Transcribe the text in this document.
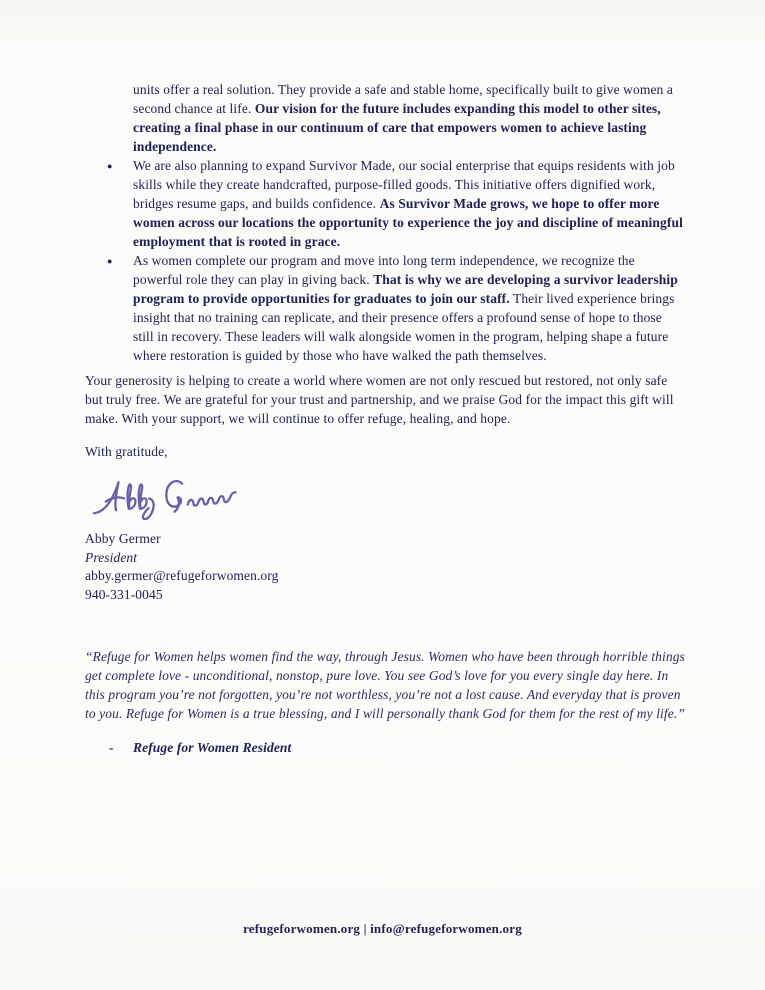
units offer a real solution. They provide a safe and stable home, specifically built to give women a second chance at life. Our vision for the future includes expanding this model to other sites, creating a final phase in our continuum of care that empowers women to achieve lasting independence.

● We are also planning to expand Survivor Made, our social enterprise that equips residents with job skills while they create handcrafted, purpose-filled goods. This initiative offers dignified work, bridges resume gaps, and builds confidence. As Survivor Made grows, we hope to offer more women across our locations the opportunity to experience the joy and discipline of meaningful employment that is rooted in grace.
● As women complete our program and move into long term independence, we recognize the powerful role they can play in giving back. That is why we are developing a survivor leadership program to provide opportunities for graduates to join our staff. Their lived experience brings insight that no training can replicate, and their presence offers a profound sense of hope to those still in recovery. These leaders will walk alongside women in the program, helping shape a future where restoration is guided by those who have walked the path themselves.

Your generosity is helping to create a world where women are not only rescued but restored, not only safe but truly free. We are grateful for your trust and partnership, and we praise God for the impact this gift will make. With your support, we will continue to offer refuge, healing, and hope.

With gratitude,

Abby Germer
President
abby.germer@refugeforwomen.org
940-331-0045

“Refuge for Women helps women find the way, through Jesus. Women who have been through horrible things get complete love - unconditional, nonstop, pure love. You see God’s love for you every single day here. In this program you’re not forgotten, you’re not worthless, you’re not a lost cause. And everyday that is proven to you. Refuge for Women is a true blessing, and I will personally thank God for them for the rest of my life.”

- Refuge for Women Resident
refugeforwomen.org | info@refugeforwomen.org
